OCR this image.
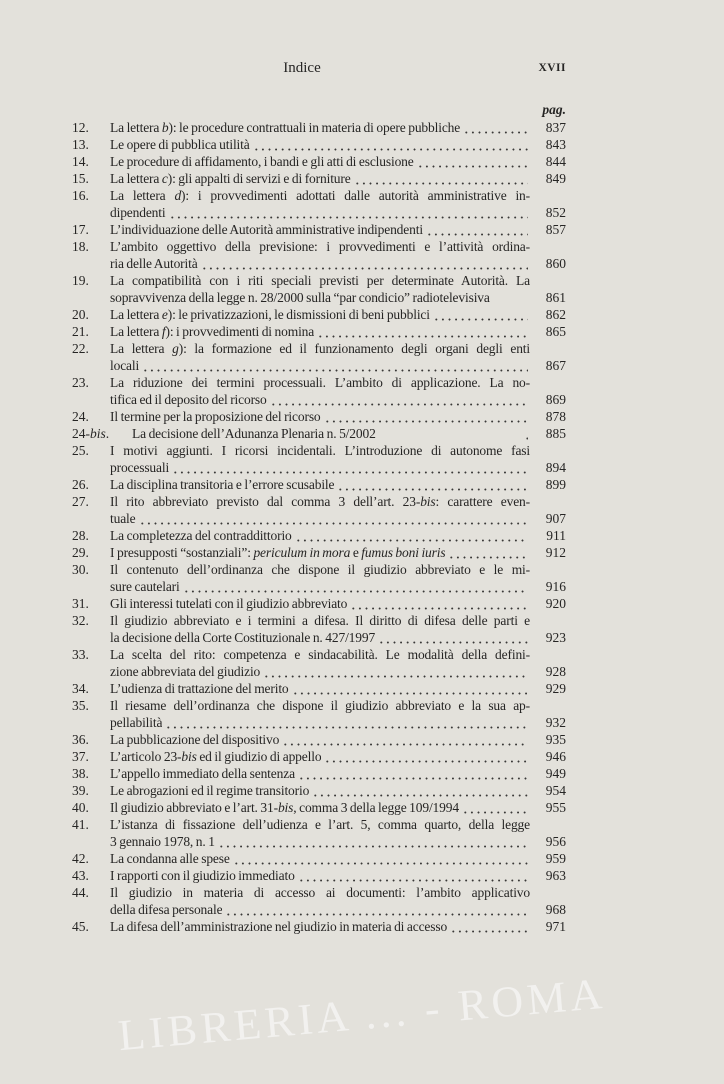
Indice	XVII
pag.
12.	La lettera b): le procedure contrattuali in materia di opere pubbliche	837
13.	Le opere di pubblica utilità	843
14.	Le procedure di affidamento, i bandi e gli atti di esclusione	844
15.	La lettera c): gli appalti di servizi e di forniture	849
16.	La lettera d): i provvedimenti adottati dalle autorità amministrative in-
dipendenti	852
17.	L’individuazione delle Autorità amministrative indipendenti	857
18.	L’ambito oggettivo della previsione: i provvedimenti e l’attività ordina-
ria delle Autorità	860
19.	La compatibilità con i riti speciali previsti per determinate Autorità. La
sopravvivenza della legge n. 28/2000 sulla “par condicio” radiotelevisiva	861
20.	La lettera e): le privatizzazioni, le dismissioni di beni pubblici	862
21.	La lettera f): i provvedimenti di nomina	865
22.	La lettera g): la formazione ed il funzionamento degli organi degli enti
locali	867
23.	La riduzione dei termini processuali. L’ambito di applicazione. La no-
tifica ed il deposito del ricorso	869
24.	Il termine per la proposizione del ricorso	878
24-bis.	La decisione dell’Adunanza Plenaria n. 5/2002	885
25.	I motivi aggiunti. I ricorsi incidentali. L’introduzione di autonome fasi
processuali	894
26.	La disciplina transitoria e l’errore scusabile	899
27.	Il rito abbreviato previsto dal comma 3 dell’art. 23-bis: carattere even-
tuale	907
28.	La completezza del contraddittorio	911
29.	I presupposti “sostanziali”: periculum in mora e fumus boni iuris	912
30.	Il contenuto dell’ordinanza che dispone il giudizio abbreviato e le mi-
sure cautelari	916
31.	Gli interessi tutelati con il giudizio abbreviato	920
32.	Il giudizio abbreviato e i termini a difesa. Il diritto di difesa delle parti e
la decisione della Corte Costituzionale n. 427/1997	923
33.	La scelta del rito: competenza e sindacabilità. Le modalità della defini-
zione abbreviata del giudizio	928
34.	L’udienza di trattazione del merito	929
35.	Il riesame dell’ordinanza che dispone il giudizio abbreviato e la sua ap-
pellabilità	932
36.	La pubblicazione del dispositivo	935
37.	L’articolo 23-bis ed il giudizio di appello	946
38.	L’appello immediato della sentenza	949
39.	Le abrogazioni ed il regime transitorio	954
40.	Il giudizio abbreviato e l’art. 31-bis, comma 3 della legge 109/1994	955
41.	L’istanza di fissazione dell’udienza e l’art. 5, comma quarto, della legge
3 gennaio 1978, n. 1	956
42.	La condanna alle spese	959
43.	I rapporti con il giudizio immediato	963
44.	Il giudizio in materia di accesso ai documenti: l’ambito applicativo
della difesa personale	968
45.	La difesa dell’amministrazione nel giudizio in materia di accesso	971
LIBRERIA ... - ROMA
